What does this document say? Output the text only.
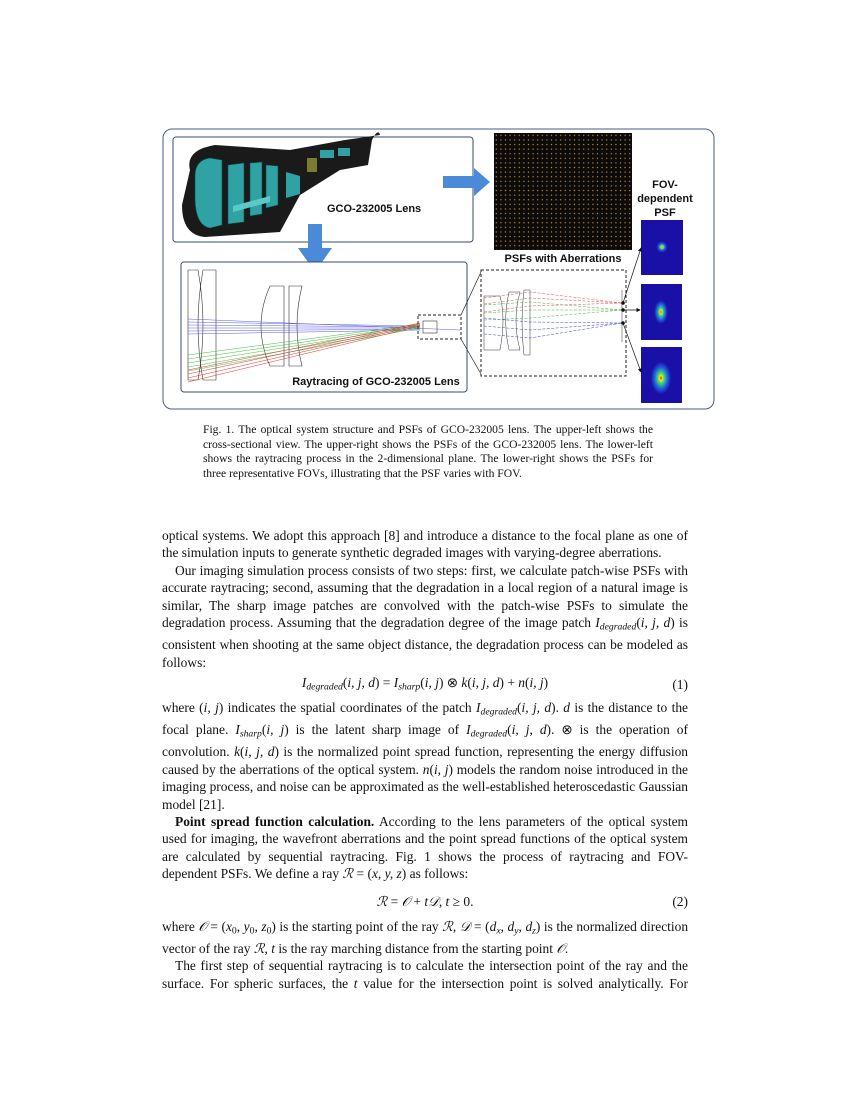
GCO-232005 Lens
PSFs with Aberrations
FOV-
dependent
PSF
Raytracing of GCO-232005 Lens
Fig. 1. The optical system structure and PSFs of GCO-232005 lens. The upper-left shows the cross-sectional view. The upper-right shows the PSFs of the GCO-232005 lens. The lower-left shows the raytracing process in the 2-dimensional plane. The lower-right shows the PSFs for three representative FOVs, illustrating that the PSF varies with FOV.
optical systems. We adopt this approach [8] and introduce a distance to the focal plane as one of the simulation inputs to generate synthetic degraded images with varying-degree aberrations.
Our imaging simulation process consists of two steps: first, we calculate patch-wise PSFs with accurate raytracing; second, assuming that the degradation in a local region of a natural image is similar, The sharp image patches are convolved with the patch-wise PSFs to simulate the degradation process. Assuming that the degradation degree of the image patch $I_{degraded}(i$, j, d) is consistent when shooting at the same object distance, the degradation process can be modeled as follows:
$I_{degraded}(i$, j, $d) = I_{sharp}(i$, j) ⊗ k(i, j, d) + n(i, j)	(1)
where (i, j) indicates the spatial coordinates of the patch $I_{degraded}(i$, j, d). d is the distance to the focal plane. $I_{sharp}(i$, j) is the latent sharp image of $I_{degraded}(i$, j, d). ⊗ is the operation of convolution. k(i, j, d) is the normalized point spread function, representing the energy diffusion caused by the aberrations of the optical system. n(i, j) models the random noise introduced in the imaging process, and noise can be approximated as the well-established heteroscedastic Gaussian model [21].
Point spread function calculation. According to the lens parameters of the optical system used for imaging, the wavefront aberrations and the point spread functions of the optical system are calculated by sequential raytracing. Fig. 1 shows the process of raytracing and FOV-dependent PSFs. We define a ray ℛ = (x, y, z) as follows:
ℛ = 𝒪 + t𝒟, t ≥ 0.	(2)
where 𝒪 = (x0, y0, z0) is the starting point of the ray ℛ, 𝒟 = ($d_x$, $d_y$, $d_z$) is the normalized direction vector of the ray ℛ, t is the ray marching distance from the starting point 𝒪.
The first step of sequential raytracing is to calculate the intersection point of the ray and the surface. For spheric surfaces, the t value for the intersection point is solved analytically. For
